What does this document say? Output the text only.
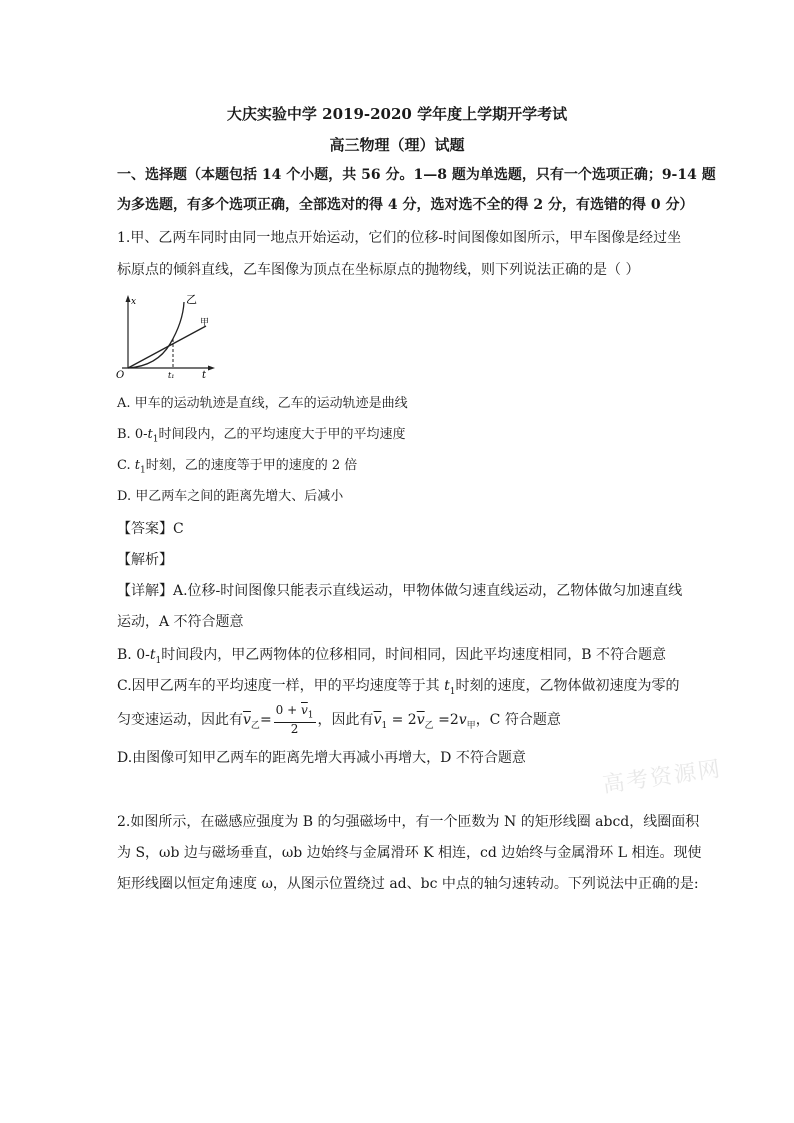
大庆实验中学 2019-2020 学年度上学期开学考试
高三物理（理）试题
一、选择题（本题包括 14 个小题，共 56 分。1—8 题为单选题，只有一个选项正确；9-14 题
为多选题，有多个选项正确，全部选对的得 4 分，选对选不全的得 2 分，有选错的得 0 分）
1.甲、乙两车同时由同一地点开始运动，它们的位移-时间图像如图所示，甲车图像是经过坐
标原点的倾斜直线，乙车图像为顶点在坐标原点的抛物线，则下列说法正确的是（ ）
x
t
O	t₁
乙
甲
A. 甲车的运动轨迹是直线，乙车的运动轨迹是曲线
B. $0-t_1$时间段内，乙的平均速度大于甲的平均速度
C. $t_1$时刻，乙的速度等于甲的速度的 2 倍
D. 甲乙两车之间的距离先增大、后减小
【答案】C
【解析】
【详解】A.位移-时间图像只能表示直线运动，甲物体做匀速直线运动，乙物体做匀加速直线
运动，A 不符合题意
B. $0-t_1$时间段内，甲乙两物体的位移相同，时间相同，因此平均速度相同，B 不符合题意
C.因甲乙两车的平均速度一样，甲的平均速度等于其 $t_1$时刻的速度，乙物体做初速度为零的
匀变速运动，因此有$\overline{v}_乙= \frac{0 + \overline{v}_1}{2}$ ，因此有$\overline{v}_1 = 2\overline{v}_乙 =2v_甲$，C 符合题意
D.由图像可知甲乙两车的距离先增大再减小再增大，D 不符合题意	高考资源网
2.如图所示，在磁感应强度为 B 的匀强磁场中，有一个匝数为 N 的矩形线圈 abcd，线圈面积
为 S，ωb 边与磁场垂直，ωb 边始终与金属滑环 K 相连，cd 边始终与金属滑环 L 相连。现使
矩形线圈以恒定角速度 ω，从图示位置绕过 ad、bc 中点的轴匀速转动。下列说法中正确的是:
